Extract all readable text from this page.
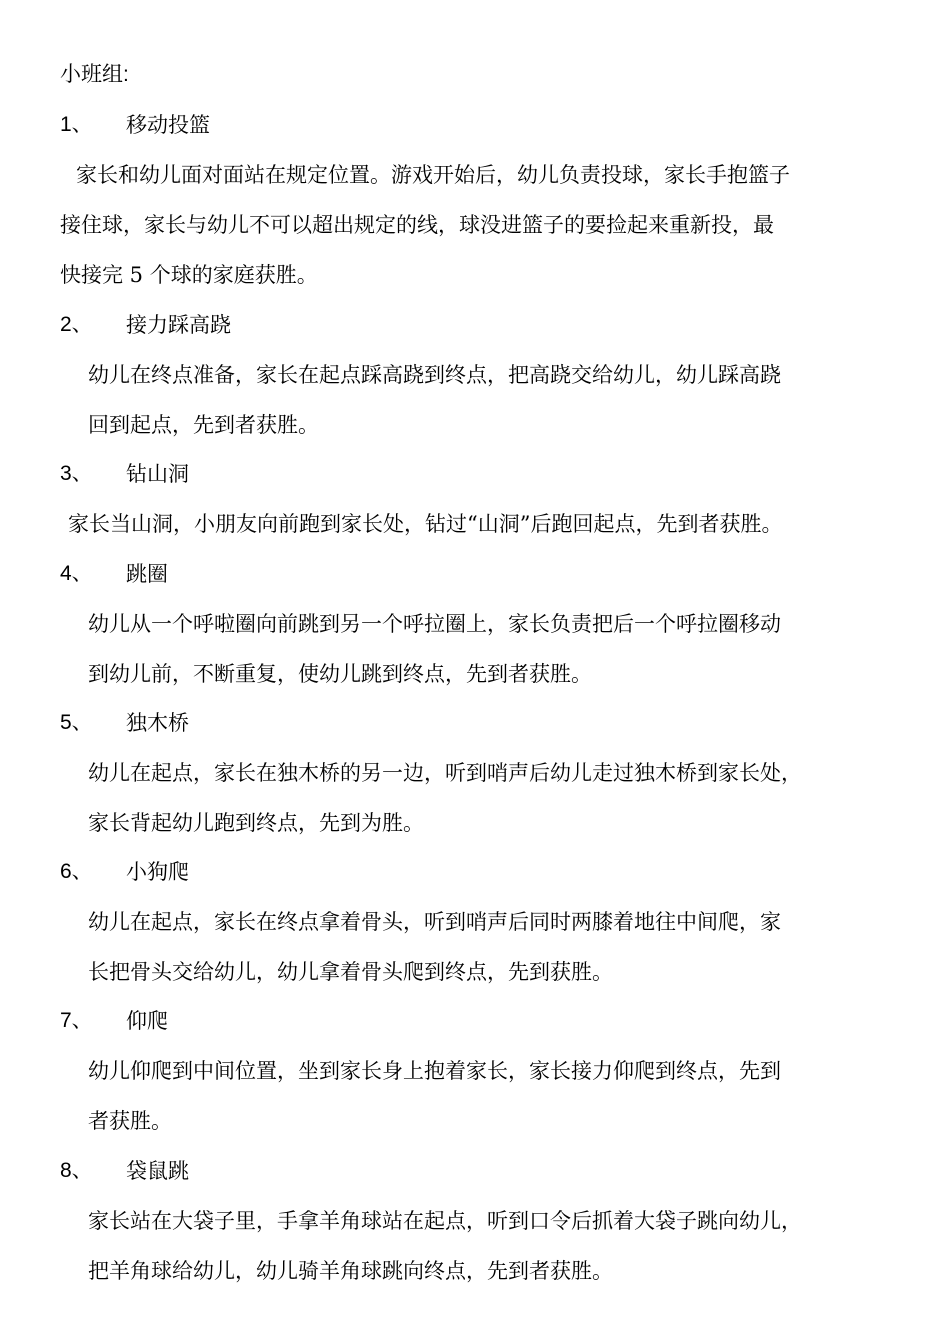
小班组:
1、 移动投篮
家长和幼儿面对面站在规定位置。游戏开始后，幼儿负责投球，家长手抱篮子
接住球，家长与幼儿不可以超出规定的线，球没进篮子的要捡起来重新投，最
快接完 5 个球的家庭获胜。
2、 接力踩高跷
幼儿在终点准备，家长在起点踩高跷到终点，把高跷交给幼儿，幼儿踩高跷
回到起点，先到者获胜。
3、 钻山洞
家长当山洞，小朋友向前跑到家长处，钻过“山洞”后跑回起点，先到者获胜。
4、 跳圈
幼儿从一个呼啦圈向前跳到另一个呼拉圈上，家长负责把后一个呼拉圈移动
到幼儿前，不断重复，使幼儿跳到终点，先到者获胜。
5、 独木桥
幼儿在起点，家长在独木桥的另一边，听到哨声后幼儿走过独木桥到家长处，
家长背起幼儿跑到终点，先到为胜。
6、 小狗爬
幼儿在起点，家长在终点拿着骨头，听到哨声后同时两膝着地往中间爬，家
长把骨头交给幼儿，幼儿拿着骨头爬到终点，先到获胜。
7、 仰爬
幼儿仰爬到中间位置，坐到家长身上抱着家长，家长接力仰爬到终点，先到
者获胜。
8、 袋鼠跳
家长站在大袋子里，手拿羊角球站在起点，听到口令后抓着大袋子跳向幼儿，
把羊角球给幼儿，幼儿骑羊角球跳向终点，先到者获胜。
